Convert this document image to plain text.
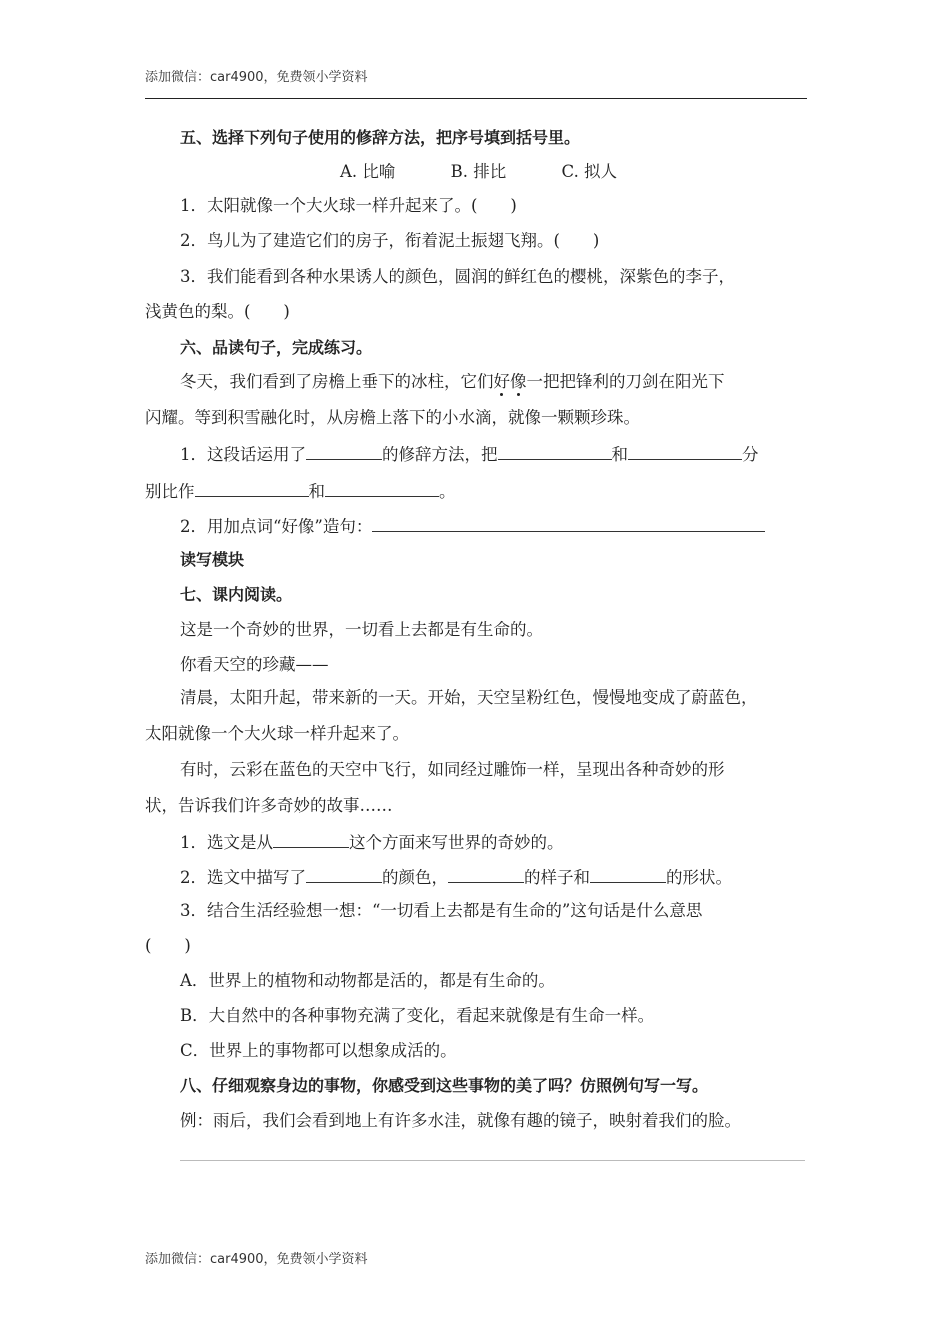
添加微信：car4900，免费领小学资料
五、选择下列句子使用的修辞方法，把序号填到括号里。
A. 比喻	B. 排比	C. 拟人
1．太阳就像一个大火球一样升起来了。(　　)
2．鸟儿为了建造它们的房子，衔着泥土振翅飞翔。(　　)
3．我们能看到各种水果诱人的颜色，圆润的鲜红色的樱桃，深紫色的李子，
浅黄色的梨。(　　)
六、品读句子，完成练习。
冬天，我们看到了房檐上垂下的冰柱，它们好像一把把锋利的刀剑在阳光下
闪耀。等到积雪融化时，从房檐上落下的小水滴，就像一颗颗珍珠。
1．这段话运用了	的修辞方法，把	和	分
别比作	和	。
2．用加点词“好像”造句：
读写模块
七、课内阅读。
这是一个奇妙的世界，一切看上去都是有生命的。
你看天空的珍藏——
清晨，太阳升起，带来新的一天。开始，天空呈粉红色，慢慢地变成了蔚蓝色，
太阳就像一个大火球一样升起来了。
有时，云彩在蓝色的天空中飞行，如同经过雕饰一样，呈现出各种奇妙的形
状，告诉我们许多奇妙的故事……
1．选文是从	这个方面来写世界的奇妙的。
2．选文中描写了	的颜色，	的样子和	的形状。
3．结合生活经验想一想：“一切看上去都是有生命的”这句话是什么意思
(　　)
A．世界上的植物和动物都是活的，都是有生命的。
B．大自然中的各种事物充满了变化，看起来就像是有生命一样。
C．世界上的事物都可以想象成活的。
八、仔细观察身边的事物，你感受到这些事物的美了吗？仿照例句写一写。
例：雨后，我们会看到地上有许多水洼，就像有趣的镜子，映射着我们的脸。
添加微信：car4900，免费领小学资料
